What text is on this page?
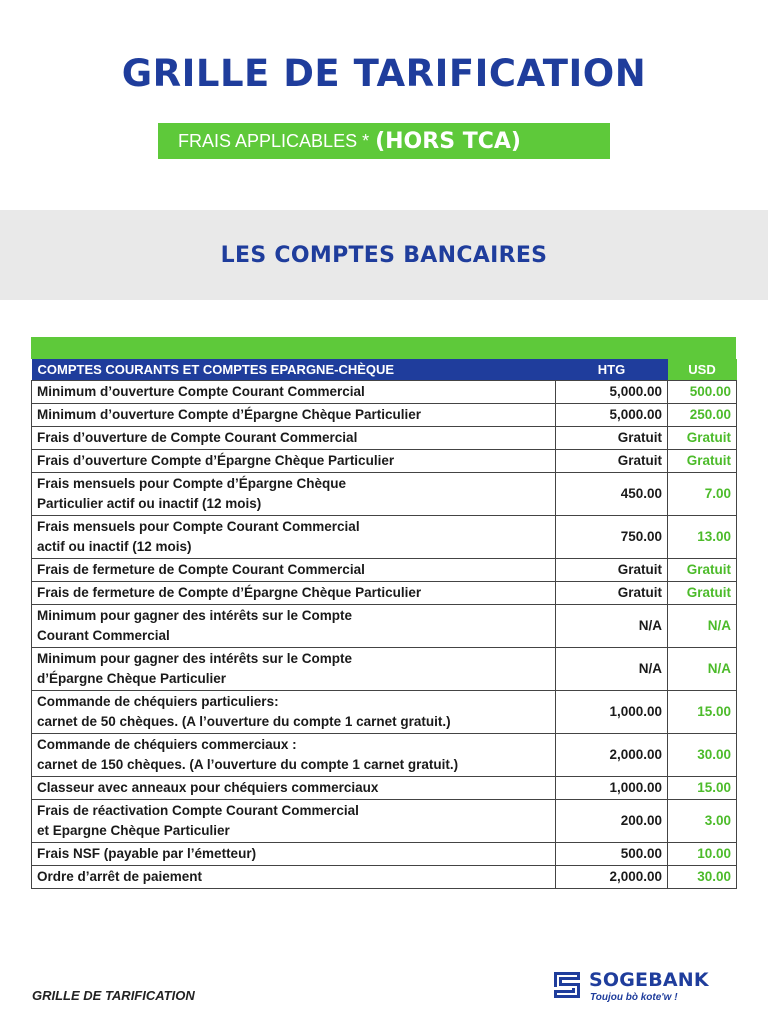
GRILLE DE TARIFICATION
FRAIS APPLICABLES * (HORS TCA)
LES COMPTES BANCAIRES
COMPTES COURANTS ET COMPTES EPARGNE-CHÈQUE	HTG	USD

Minimum d’ouverture Compte Courant Commercial	5,000.00	500.00

Minimum d’ouverture Compte d’Épargne Chèque Particulier	5,000.00	250.00

Frais d’ouverture de Compte Courant Commercial	Gratuit	Gratuit

Frais d’ouverture Compte d’Épargne Chèque Particulier	Gratuit	Gratuit

Frais mensuels pour Compte d’Épargne Chèque
Particulier actif ou inactif (12 mois)	450.00	7.00

Frais mensuels pour Compte Courant Commercial
actif ou inactif (12 mois)	750.00	13.00

Frais de fermeture de Compte Courant Commercial	Gratuit	Gratuit

Frais de fermeture de Compte d’Épargne Chèque Particulier	Gratuit	Gratuit

Minimum pour gagner des intérêts sur le Compte
Courant Commercial	N/A	N/A

Minimum pour gagner des intérêts sur le Compte
d’Épargne Chèque Particulier	N/A	N/A

Commande de chéquiers particuliers:
carnet de 50 chèques. (A l’ouverture du compte 1 carnet gratuit.)	1,000.00	15.00

Commande de chéquiers commerciaux :
carnet de 150 chèques. (A l’ouverture du compte 1 carnet gratuit.)	2,000.00	30.00

Classeur avec anneaux pour chéquiers commerciaux	1,000.00	15.00

Frais de réactivation Compte Courant Commercial
et Epargne Chèque Particulier	200.00	3.00

Frais NSF (payable par l’émetteur)	500.00	10.00

Ordre d’arrêt de paiement	2,000.00	30.00
GRILLE DE TARIFICATION
SOGEBANK
Toujou bò kote'w !
